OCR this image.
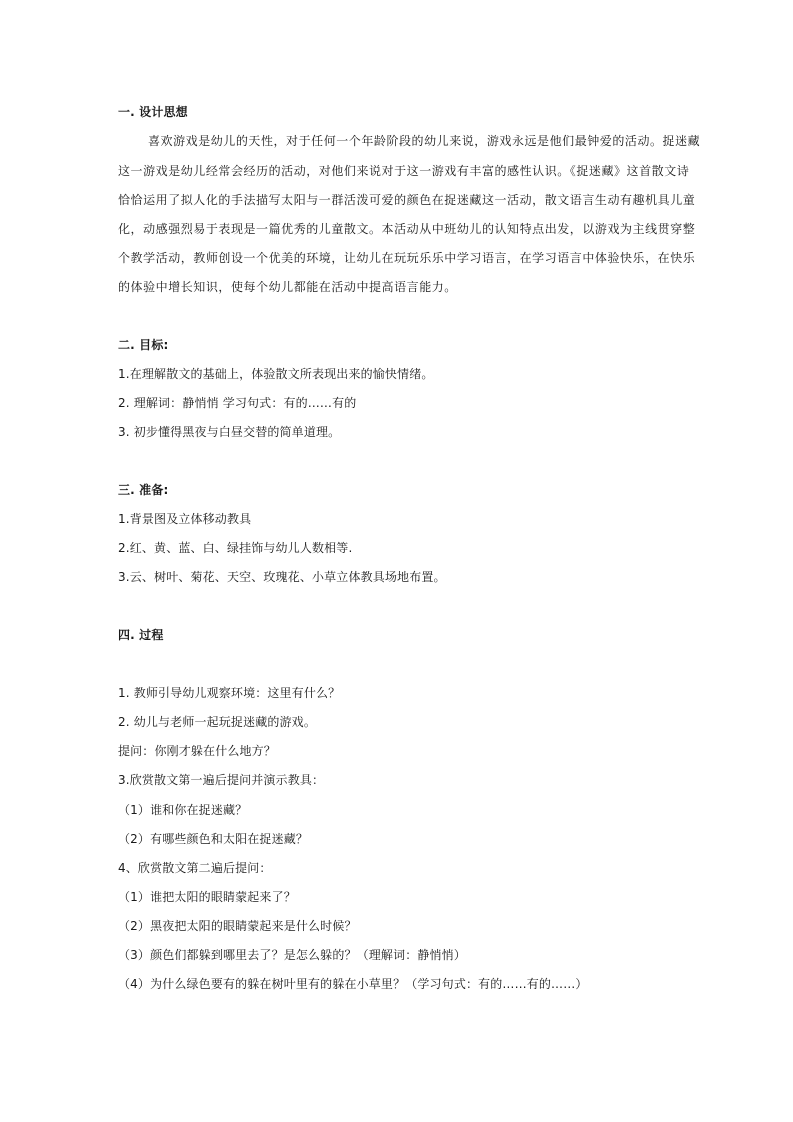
一. 设计思想
喜欢游戏是幼儿的天性，对于任何一个年龄阶段的幼儿来说，游戏永远是他们最钟爱的活动。捉迷藏
这一游戏是幼儿经常会经历的活动，对他们来说对于这一游戏有丰富的感性认识。《捉迷藏》这首散文诗
恰恰运用了拟人化的手法描写太阳与一群活泼可爱的颜色在捉迷藏这一活动，散文语言生动有趣机具儿童
化，动感强烈易于表现是一篇优秀的儿童散文。本活动从中班幼儿的认知特点出发，以游戏为主线贯穿整
个教学活动，教师创设一个优美的环境，让幼儿在玩玩乐乐中学习语言，在学习语言中体验快乐，在快乐
的体验中增长知识，使每个幼儿都能在活动中提高语言能力。
二. 目标:
1.在理解散文的基础上，体验散文所表现出来的愉快情绪。
2. 理解词：静悄悄 学习句式：有的……有的
3. 初步懂得黑夜与白昼交替的简单道理。
三. 准备:
1.背景图及立体移动教具
2.红、黄、蓝、白、绿挂饰与幼儿人数相等.
3.云、树叶、菊花、天空、玫瑰花、小草立体教具场地布置。
四. 过程
1. 教师引导幼儿观察环境：这里有什么？
2. 幼儿与老师一起玩捉迷藏的游戏。
提问：你刚才躲在什么地方？
3.欣赏散文第一遍后提问并演示教具：
（1）谁和你在捉迷藏？
（2）有哪些颜色和太阳在捉迷藏？
4、欣赏散文第二遍后提问：
（1）谁把太阳的眼睛蒙起来了？
（2）黑夜把太阳的眼睛蒙起来是什么时候？
（3）颜色们都躲到哪里去了？是怎么躲的？（理解词：静悄悄）
（4）为什么绿色要有的躲在树叶里有的躲在小草里？（学习句式：有的……有的……）
